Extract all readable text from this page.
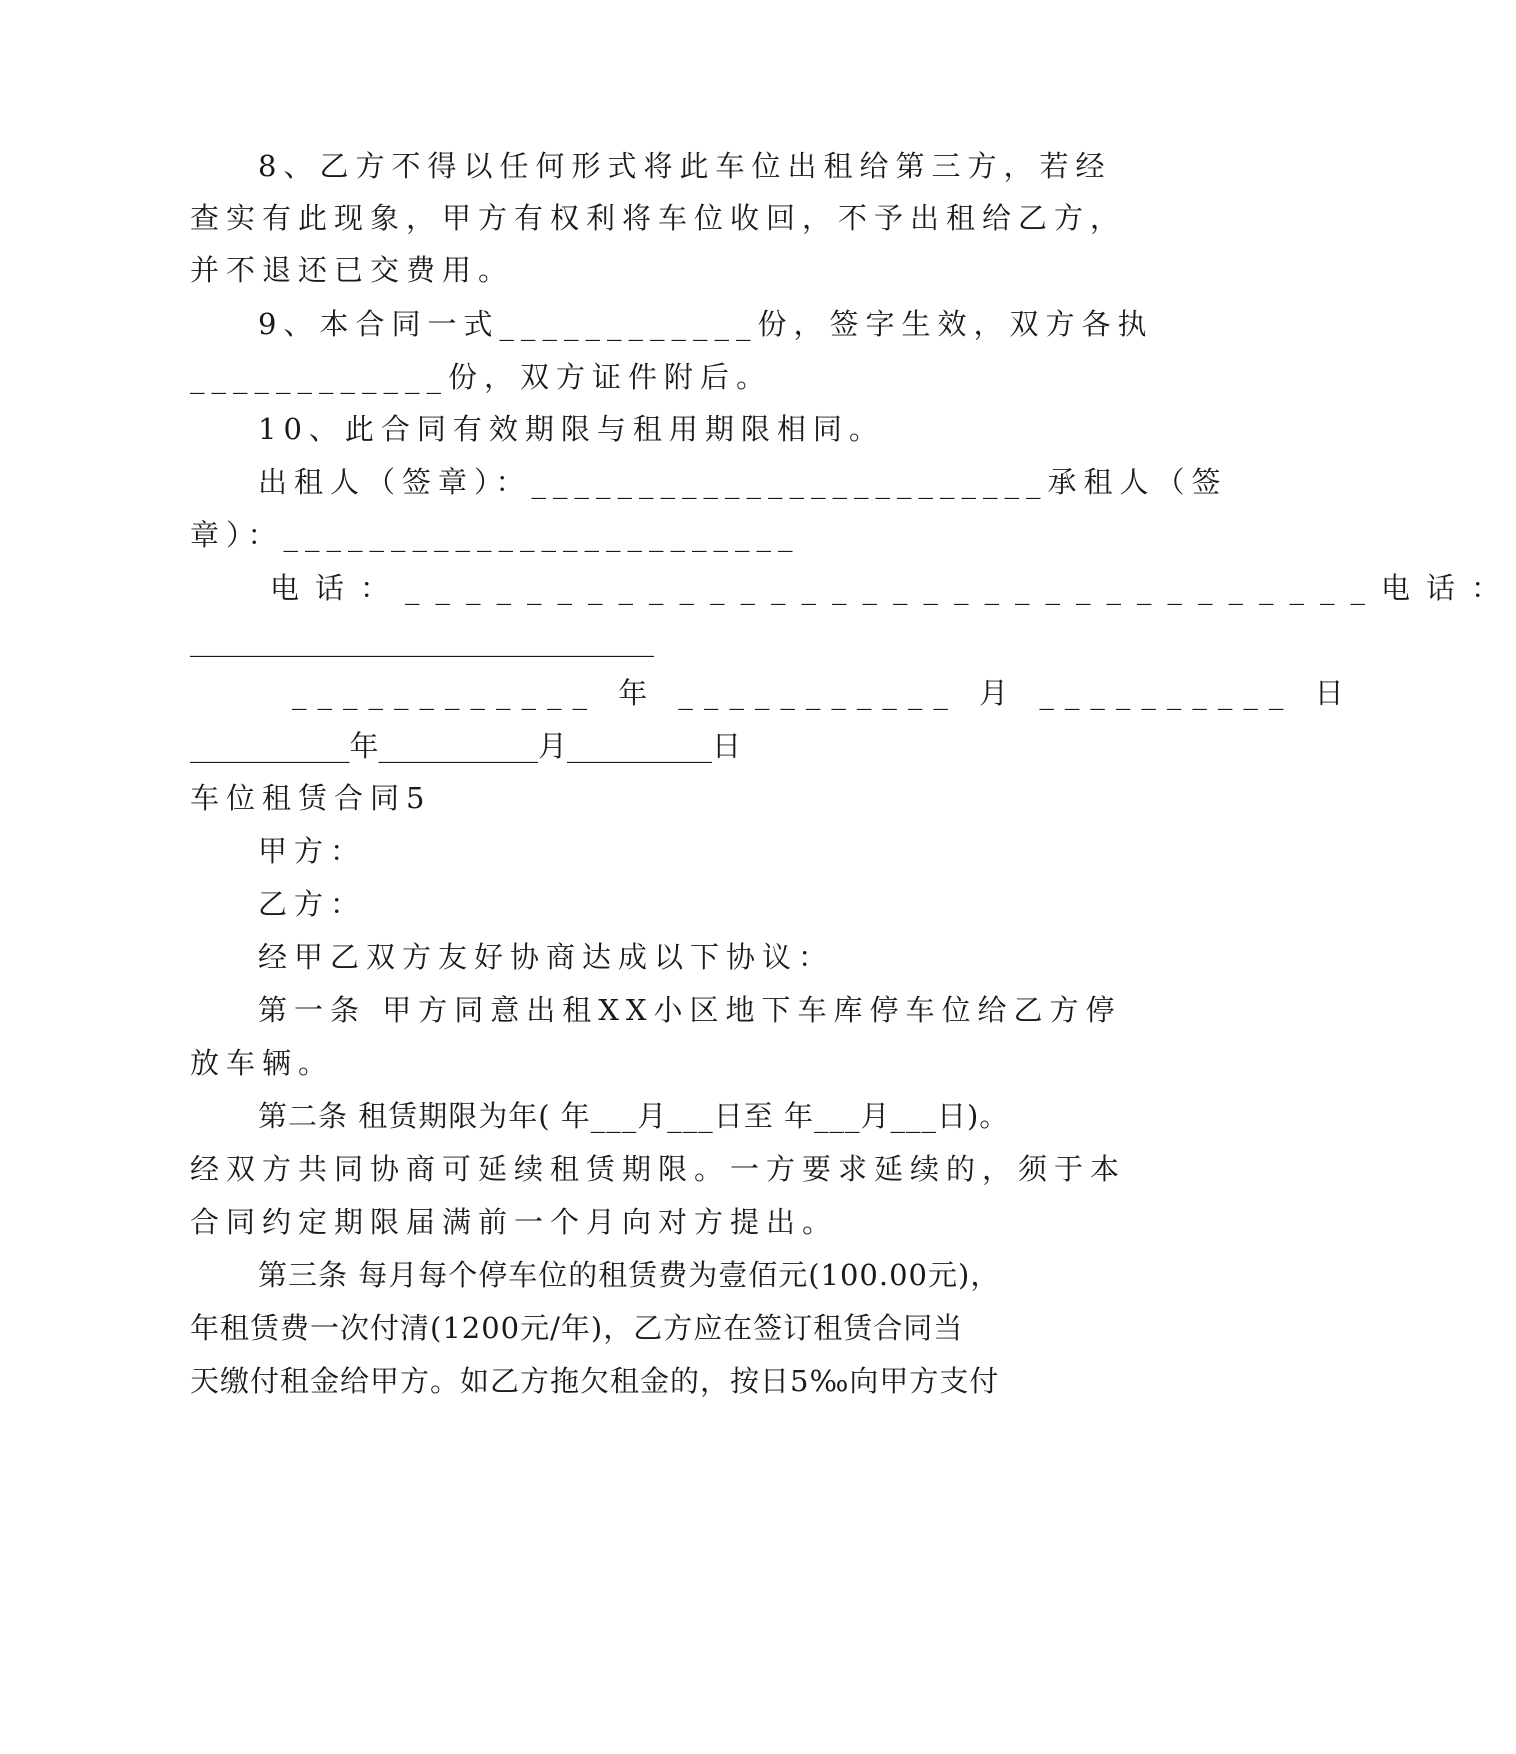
8、乙方不得以任何形式将此车位出租给第三方，若经
查实有此现象，甲方有权利将车位收回，不予出租给乙方，
并不退还已交费用。
9、本合同一式____________份，签字生效，双方各执
____________份，双方证件附后。
10、此合同有效期限与租用期限相同。
出租人（签章）：________________________承租人（签
章）：________________________
电话：________________________________电话：
________________________________
____________ 年 ___________ 月 __________ 日
___________年___________月__________日
车位租赁合同5
甲方：
乙方：
经甲乙双方友好协商达成以下协议：
第一条 甲方同意出租XX小区地下车库停车位给乙方停
放车辆。
第二条 租赁期限为年( 年___月___日至 年___月___日)。
经双方共同协商可延续租赁期限。一方要求延续的，须于本
合同约定期限届满前一个月向对方提出。
第三条 每月每个停车位的租赁费为壹佰元(100.00元)，
年租赁费一次付清(1200元/年)，乙方应在签订租赁合同当
天缴付租金给甲方。如乙方拖欠租金的，按日5‰向甲方支付
